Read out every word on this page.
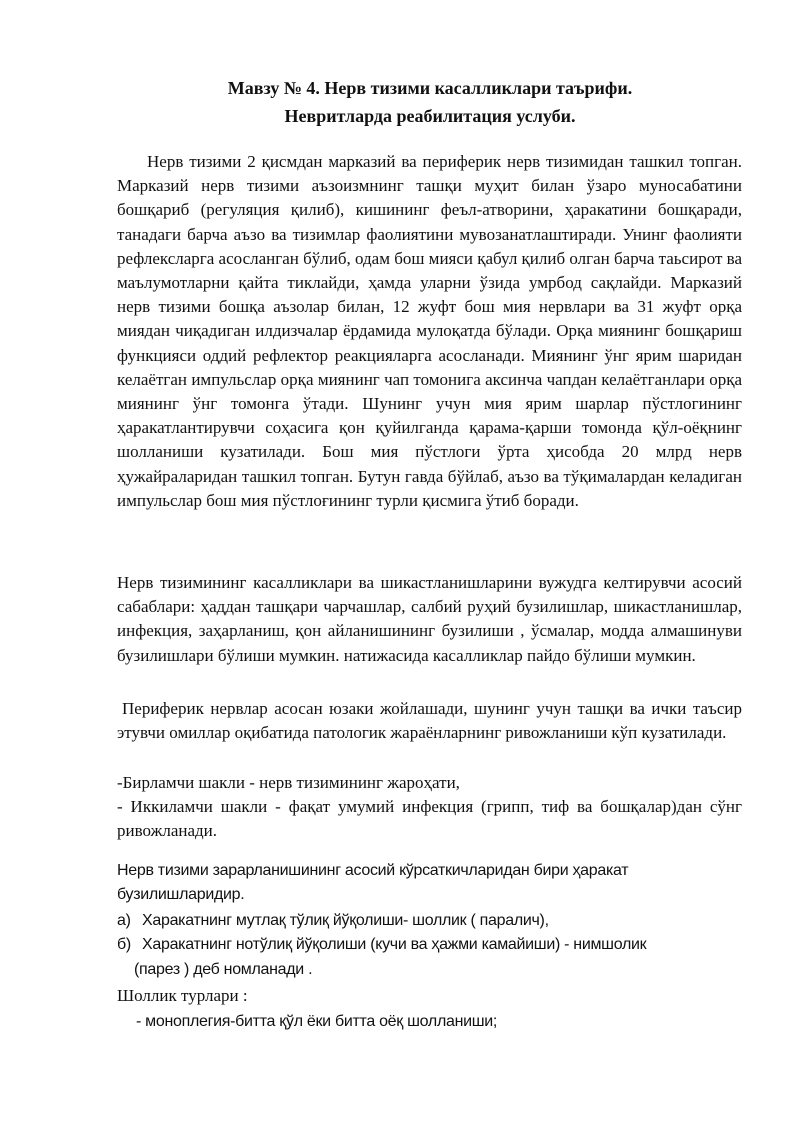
Мавзу № 4. Нерв тизими касалликлари таърифи.
Невритларда реабилитация услуби.

Нерв тизими 2 қисмдан марказий ва периферик нерв тизимидан ташкил топган. Марказий нерв тизими аъзоизмнинг ташқи муҳит билан ўзаро муносабатини бошқариб (регуляция қилиб), кишининг феъл-атворини, ҳаракатини бошқаради, танадаги барча аъзо ва тизимлар фаолиятини мувозанатлаштиради. Унинг фаолияти рефлексларга асосланган бўлиб, одам бош мияси қабул қилиб олган барча таьсирот ва маълумотларни қайта тиклайди, ҳамда уларни ўзида умрбод сақлайди. Марказий нерв тизими бошқа аъзолар билан, 12 жуфт бош мия нервлари ва 31 жуфт орқа миядан чиқадиган илдизчалар ёрдамида мулоқатда бўлади. Орқа миянинг бошқариш функцияси оддий рефлектор реакцияларга асосланади. Миянинг ўнг ярим шаридан келаётган импульслар орқа миянинг чап томонига аксинча чапдан келаётганлари орқа миянинг ўнг томонга ўтади. Шунинг учун мия ярим шарлар пўстлогининг ҳаракатлантирувчи соҳасига қон қуйилганда қарама-қарши томонда қўл-оёқнинг шолланиши кузатилади. Бош мия пўстлоги ўрта ҳисобда 20 млрд нерв ҳужайраларидан ташкил топган. Бутун гавда бўйлаб, аъзо ва тўқималардан келадиган импульслар бош мия пўстлоғининг турли қисмига ўтиб боради.

Нерв тизимининг касалликлари ва шикастланишларини вужудга келтирувчи асосий сабаблари: ҳаддан ташқари чарчашлар, салбий руҳий бузилишлар, шикастланишлар, инфекция, заҳарланиш, қон айланишининг бузилиши , ўсмалар, модда алмашинуви бузилишлари бўлиши мумкин. натижасида касалликлар пайдо бўлиши мумкин.

Периферик нервлар асосан юзаки жойлашади, шунинг учун ташқи ва ички таъсир этувчи омиллар оқибатида патологик жараёнларнинг ривожланиши кўп кузатилади.

-Бирламчи шакли - нерв тизимининг жароҳати,

- Иккиламчи шакли - фақат умумий инфекция (грипп, тиф ва бошқалар)дан сўнг ривожланади.

Нерв тизими зарарланишининг асосий кўрсаткичларидан бири ҳаракат бузилишларидир.

а) Харакатнинг мутлақ тўлиқ йўқолиши- шоллик ( паралич),
б) Харакатнинг нотўлиқ йўқолиши (кучи ва ҳажми камайиши) - нимшолик
(парез ) деб номланади .

Шоллик турлари :

- моноплегия-битта қўл ёки битта оёқ шолланиши;
